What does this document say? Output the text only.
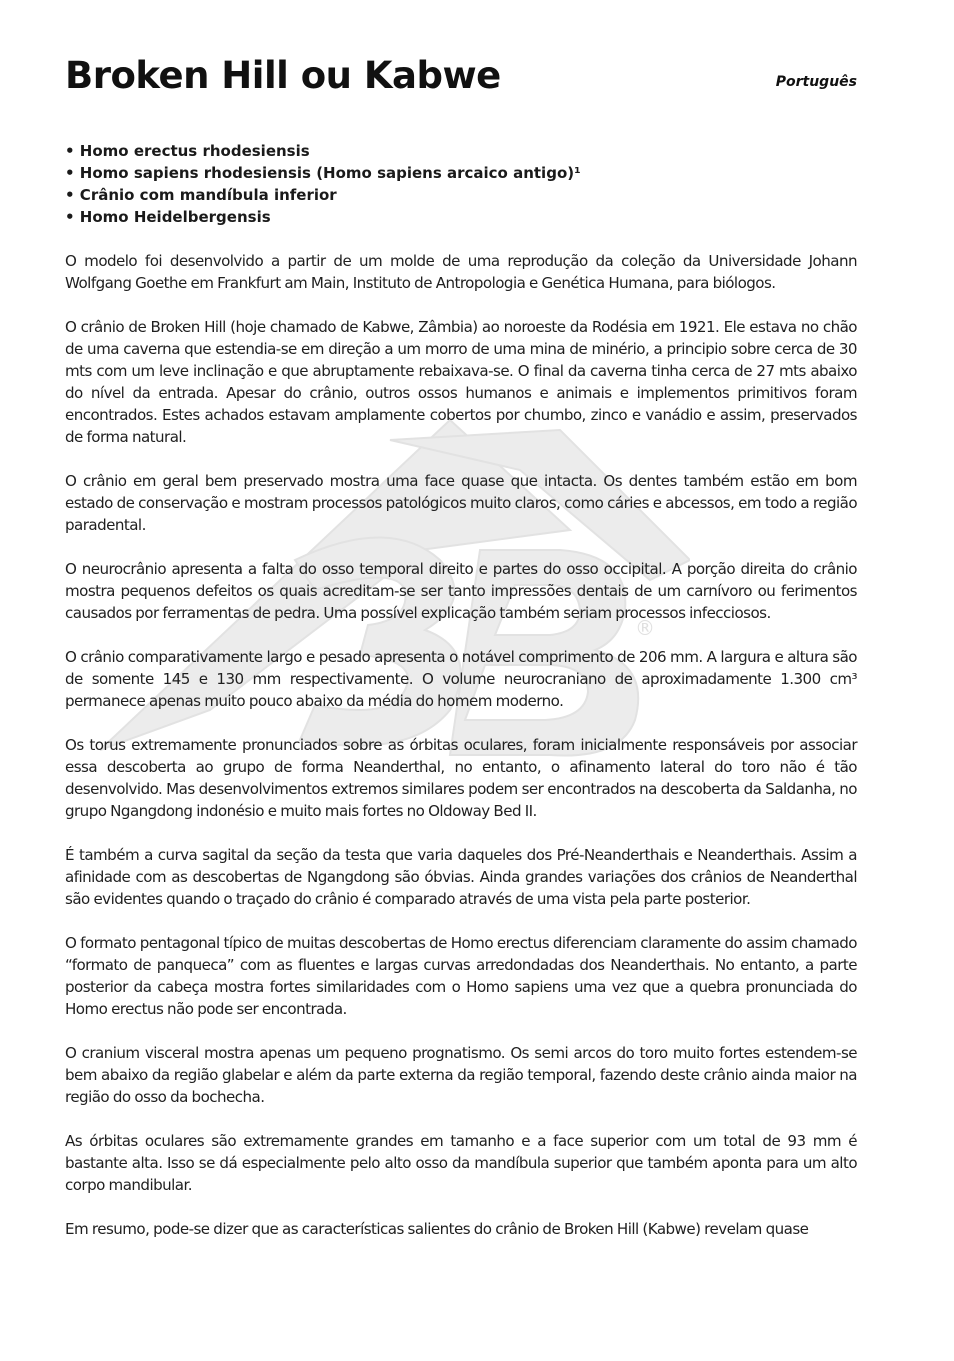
®
Broken Hill ou Kabwe	Português
• Homo erectus rhodesiensis
• Homo sapiens rhodesiensis (Homo sapiens arcaico antigo)¹
• Crânio com mandíbula inferior
• Homo Heidelbergensis

O modelo foi desenvolvido a partir de um molde de uma reprodução da coleção da Universidade Johann Wolfgang Goethe em Frankfurt am Main, Instituto de Antropologia e Genética Humana, para biólogos.

O crânio de Broken Hill (hoje chamado de Kabwe, Zâmbia) ao noroeste da Rodésia em 1921. Ele estava no chão de uma caverna que estendia-se em direção a um morro de uma mina de minério, a principio sobre cerca de 30 mts com um leve inclinação e que abruptamente rebaixava-se. O final da caverna tinha cerca de 27 mts abaixo do nível da entrada. Apesar do crânio, outros ossos humanos e animais e implementos primitivos foram encontrados. Estes achados estavam amplamente cobertos por chumbo, zinco e vanádio e assim, preservados de forma natural.

O crânio em geral bem preservado mostra uma face quase que intacta. Os dentes também estão em bom estado de conservação e mostram processos patológicos muito claros, como cáries e abcessos, em todo a região paradental.

O neurocrânio apresenta a falta do osso temporal direito e partes do osso occipital. A porção direita do crânio mostra pequenos defeitos os quais acreditam-se ser tanto impressões dentais de um carnívoro ou ferimentos causados por ferramentas de pedra. Uma possível explicação também seriam processos infecciosos.

O crânio comparativamente largo e pesado apresenta o notável comprimento de 206 mm. A largura e altura são de somente 145 e 130 mm respectivamente. O volume neurocraniano de aproximadamente 1.300 cm³ permanece apenas muito pouco abaixo da média do homem moderno.

Os torus extremamente pronunciados sobre as órbitas oculares, foram inicialmente responsáveis por associar essa descoberta ao grupo de forma Neanderthal, no entanto, o afinamento lateral do toro não é tão desenvolvido. Mas desenvolvimentos extremos similares podem ser encontrados na descoberta da Saldanha, no grupo Ngangdong indonésio e muito mais fortes no Oldoway Bed II.

É também a curva sagital da seção da testa que varia daqueles dos Pré-Neanderthais e Neanderthais. Assim a afinidade com as descobertas de Ngangdong são óbvias. Ainda grandes variações dos crânios de Neanderthal são evidentes quando o traçado do crânio é comparado através de uma vista pela parte posterior.

O formato pentagonal típico de muitas descobertas de Homo erectus diferenciam claramente do assim chamado “formato de panqueca” com as fluentes e largas curvas arredondadas dos Neanderthais. No entanto, a parte posterior da cabeça mostra fortes similaridades com o Homo sapiens uma vez que a quebra pronunciada do Homo erectus não pode ser encontrada.

O cranium visceral mostra apenas um pequeno prognatismo. Os semi arcos do toro muito fortes estendem-se bem abaixo da região glabelar e além da parte externa da região temporal, fazendo deste crânio ainda maior na região do osso da bochecha.

As órbitas oculares são extremamente grandes em tamanho e a face superior com um total de 93 mm é bastante alta. Isso se dá especialmente pelo alto osso da mandíbula superior que também aponta para um alto corpo mandibular.

Em resumo, pode-se dizer que as características salientes do crânio de Broken Hill (Kabwe) revelam quase
